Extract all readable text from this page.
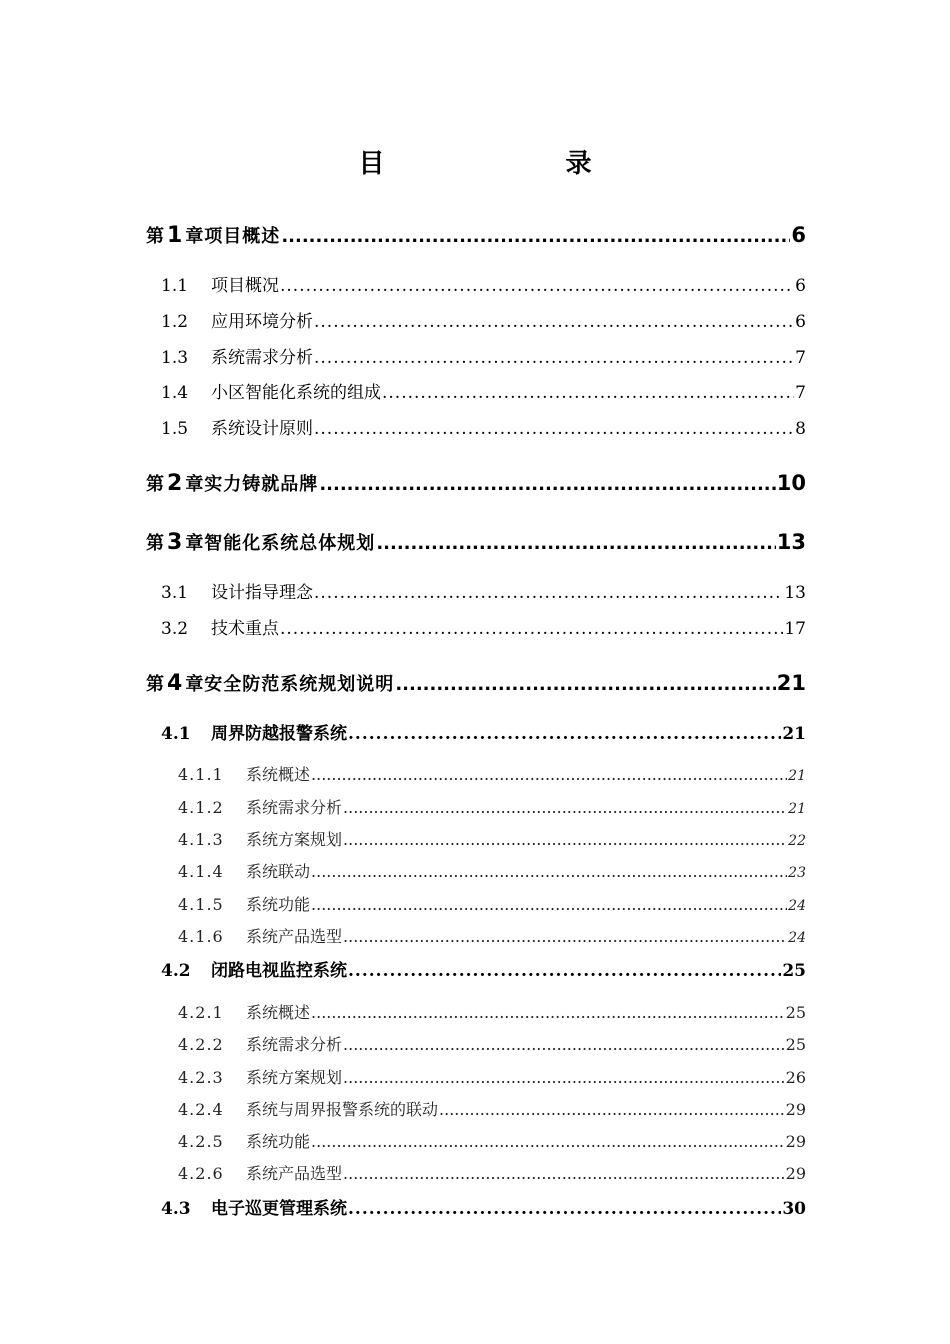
目 录
第1 章项目概述 .....	6
1.1	项目概况 .....	6
1.2	应用环境分析 .....	6
1.3	系统需求分析 .....	7
1.4	小区智能化系统的组成 .....	7
1.5	系统设计原则 .....	8
第2 章实力铸就品牌 .....	10
第3 章智能化系统总体规划 .....	13
3.1	设计指导理念 .....	13
3.2	技术重点 .....	17
第4 章安全防范系统规划说明 .....	21
4.1	周界防越报警系统 .....	21
4.1.1	系统概述 .....	21
4.1.2	系统需求分析 .....	21
4.1.3	系统方案规划 .....	22
4.1.4	系统联动 .....	23
4.1.5	系统功能 .....	24
4.1.6	系统产品选型 .....	24
4.2	闭路电视监控系统 .....	25
4.2.1	系统概述 .....	25
4.2.2	系统需求分析 .....	25
4.2.3	系统方案规划 .....	26
4.2.4	系统与周界报警系统的联动 .....	29
4.2.5	系统功能 .....	29
4.2.6	系统产品选型 .....	29
4.3	电子巡更管理系统 .....	30
